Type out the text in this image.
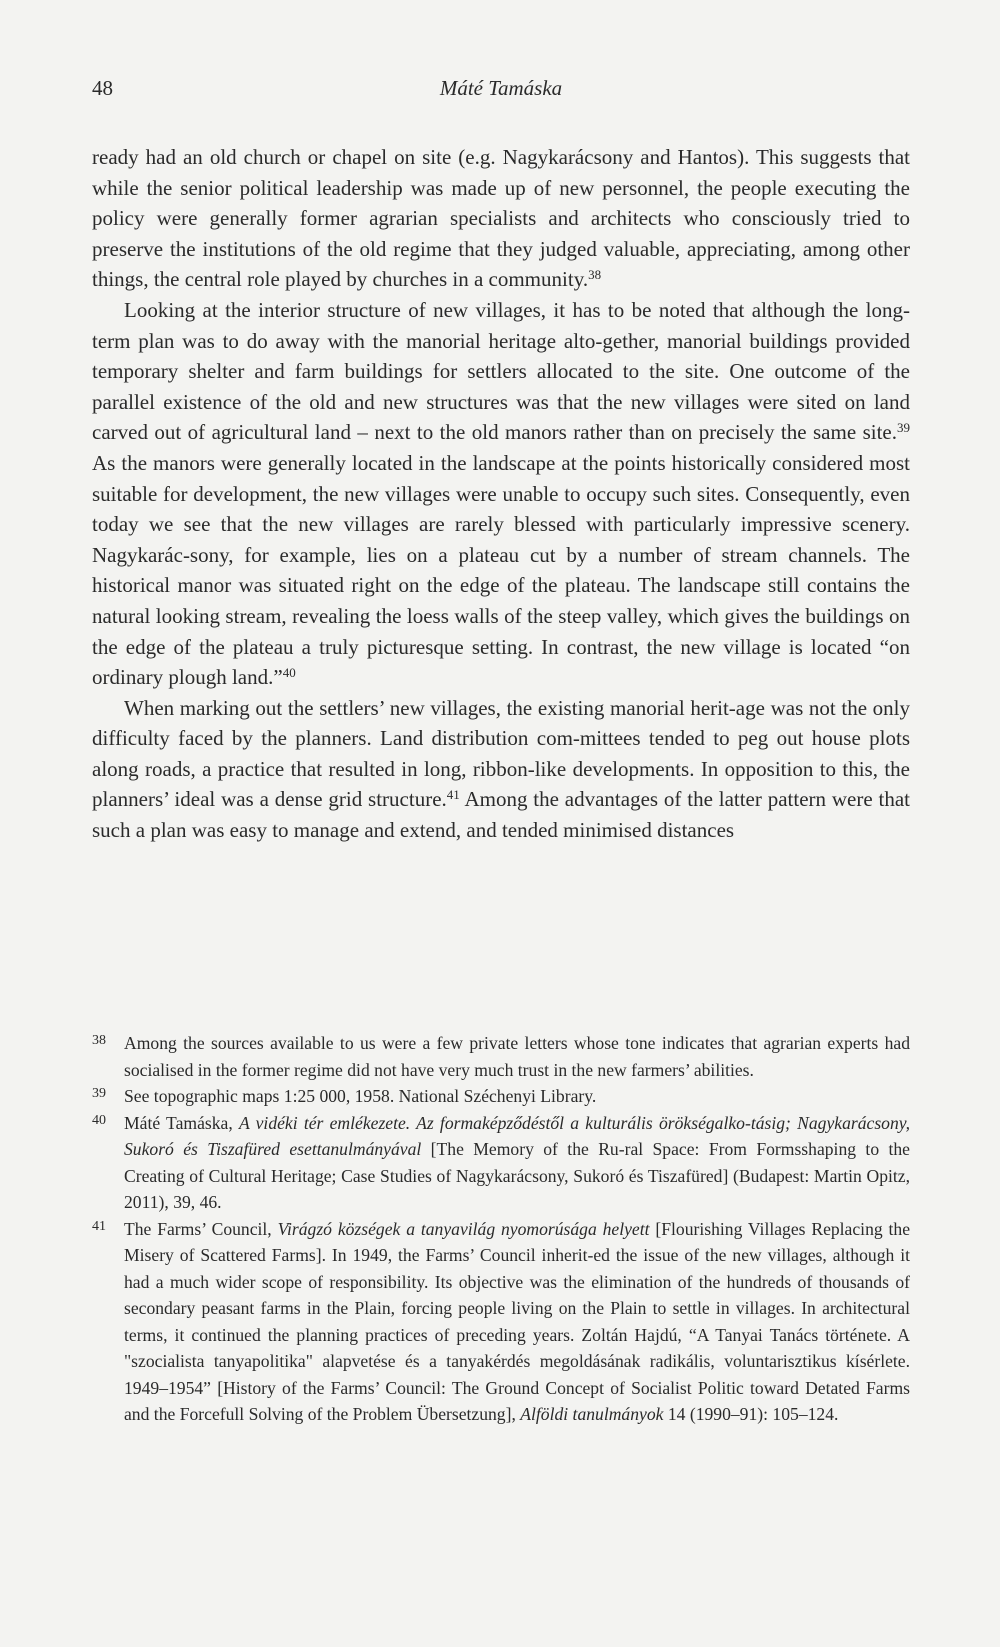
48	Máté Tamáska

ready had an old church or chapel on site (e.g. Nagykarácsony and Hantos). This suggests that while the senior political leadership was made up of new personnel, the people executing the policy were generally former agrarian specialists and architects who consciously tried to preserve the institutions of the old regime that they judged valuable, appreciating, among other things, the central role played by churches in a community.$^{38}$

Looking at the interior structure of new villages, it has to be noted that although the long-term plan was to do away with the manorial heritage alto-gether, manorial buildings provided temporary shelter and farm buildings for settlers allocated to the site. One outcome of the parallel existence of the old and new structures was that the new villages were sited on land carved out of agricultural land – next to the old manors rather than on precisely the same site.$^{39}$ As the manors were generally located in the landscape at the points historically considered most suitable for development, the new villages were unable to occupy such sites. Consequently, even today we see that the new villages are rarely blessed with particularly impressive scenery. Nagykarác-sony, for example, lies on a plateau cut by a number of stream channels. The historical manor was situated right on the edge of the plateau. The landscape still contains the natural looking stream, revealing the loess walls of the steep valley, which gives the buildings on the edge of the plateau a truly picturesque setting. In contrast, the new village is located “on ordinary plough land.”$^{40}$

When marking out the settlers’ new villages, the existing manorial herit-age was not the only difficulty faced by the planners. Land distribution com-mittees tended to peg out house plots along roads, a practice that resulted in long, ribbon-like developments. In opposition to this, the planners’ ideal was a dense grid structure.$^{41}$ Among the advantages of the latter pattern were that such a plan was easy to manage and extend, and tended minimised distances

38	Among the sources available to us were a few private letters whose tone indicates that agrarian experts had socialised in the former regime did not have very much trust in the new farmers’ abilities.
39	See topographic maps 1:25 000, 1958. National Széchenyi Library.
40	Máté Tamáska, A vidéki tér emlékezete. Az formaképződéstől a kulturális örökségalko-tásig; Nagykarácsony, Sukoró és Tiszafüred esettanulmányával [The Memory of the Ru-ral Space: From Formsshaping to the Creating of Cultural Heritage; Case Studies of Nagykarácsony, Sukoró és Tiszafüred] (Budapest: Martin Opitz, 2011), 39, 46.
41	The Farms’ Council, Virágzó községek a tanyavilág nyomorúsága helyett [Flourishing Villages Replacing the Misery of Scattered Farms]. In 1949, the Farms’ Council inherit-ed the issue of the new villages, although it had a much wider scope of responsibility. Its objective was the elimination of the hundreds of thousands of secondary peasant farms in the Plain, forcing people living on the Plain to settle in villages. In architectural terms, it continued the planning practices of preceding years. Zoltán Hajdú, “A Tanyai Tanács története. A "szocialista tanyapolitika" alapvetése és a tanyakérdés megoldásának radikális, voluntarisztikus kísérlete. 1949–1954” [History of the Farms’ Council: The Ground Concept of Socialist Politic toward Detated Farms and the Forcefull Solving of the Problem Übersetzung], Alföldi tanulmányok 14 (1990–91): 105–124.
